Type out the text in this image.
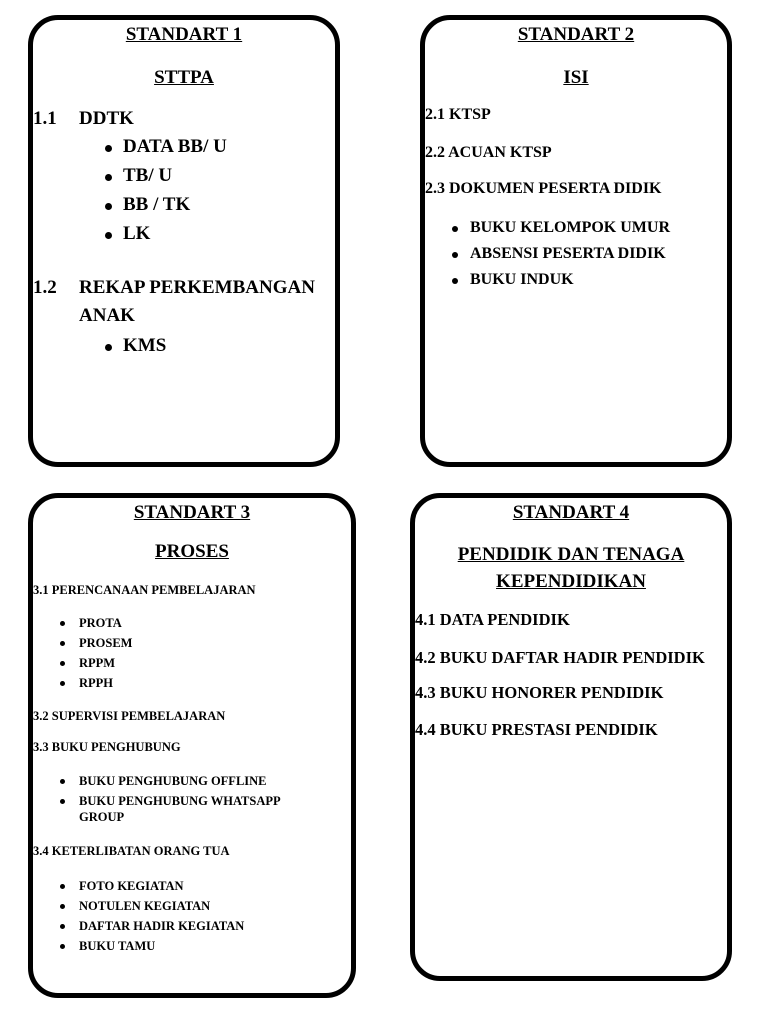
STANDART 1
STTPA
1.1 DDTK
DATA BB/ U
TB/ U
BB / TK
LK
1.2 REKAP PERKEMBANGAN
ANAK
KMS
STANDART 2
ISI
2.1 KTSP
2.2 ACUAN KTSP
2.3 DOKUMEN PESERTA DIDIK
BUKU KELOMPOK UMUR
ABSENSI PESERTA DIDIK
BUKU INDUK
STANDART 3
PROSES
3.1 PERENCANAAN PEMBELAJARAN
PROTA
PROSEM
RPPM
RPPH
3.2 SUPERVISI PEMBELAJARAN
3.3 BUKU PENGHUBUNG
BUKU PENGHUBUNG OFFLINE
BUKU PENGHUBUNG WHATSAPP GROUP
3.4 KETERLIBATAN ORANG TUA
FOTO KEGIATAN
NOTULEN KEGIATAN
DAFTAR HADIR KEGIATAN
BUKU TAMU
STANDART 4
PENDIDIK DAN TENAGA KEPENDIDIKAN
4.1 DATA PENDIDIK
4.2 BUKU DAFTAR HADIR PENDIDIK
4.3 BUKU HONORER PENDIDIK
4.4 BUKU PRESTASI PENDIDIK
